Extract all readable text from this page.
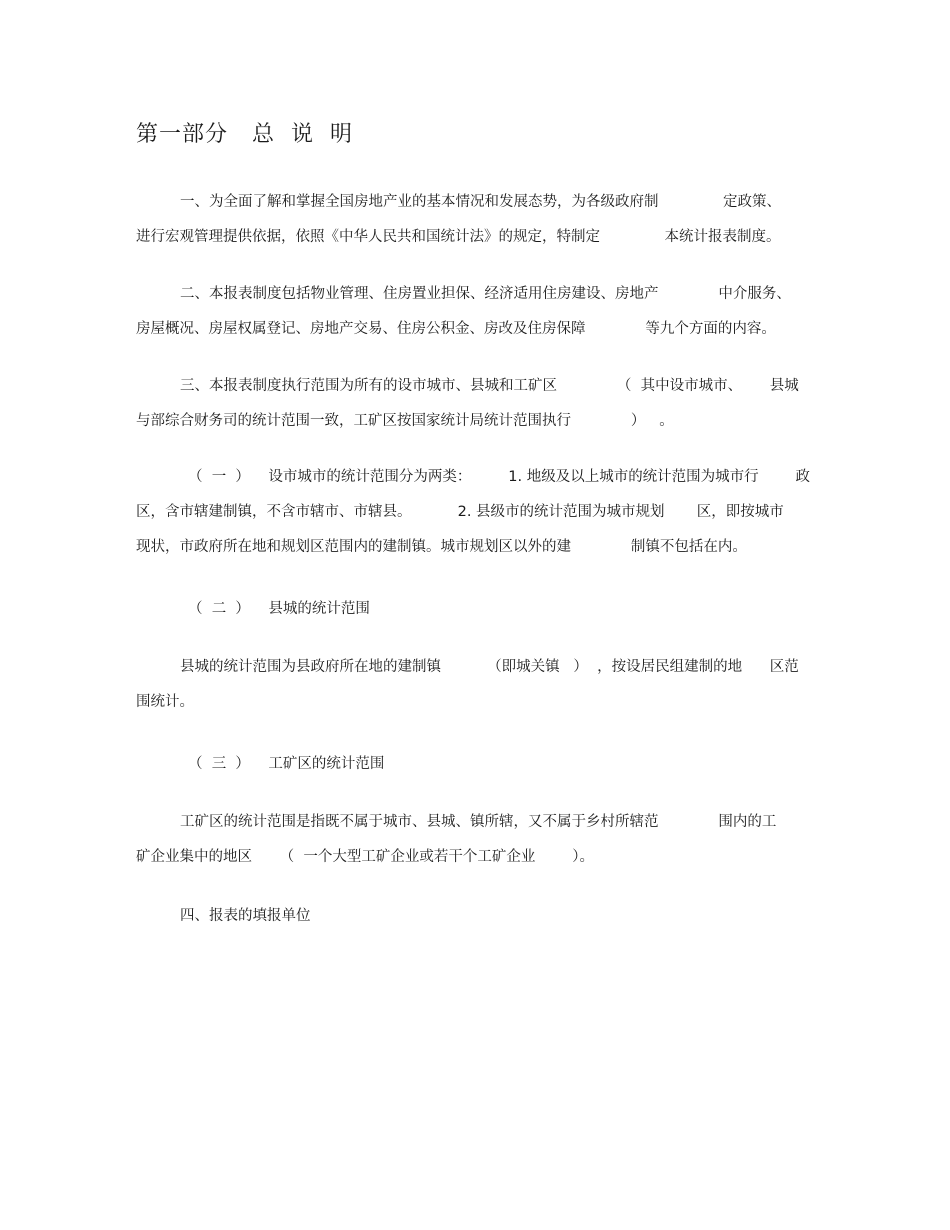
第一部分   总  说  明
一、为全面了解和掌握全国房地产业的基本情况和发展态势，为各级政府制              定政策、
进行宏观管理提供依据，依照《中华人民共和国统计法》的规定，特制定              本统计报表制度。
二、本报表制度包括物业管理、住房置业担保、经济适用住房建设、房地产             中介服务、
房屋概况、房屋权属登记、房地产交易、住房公积金、房改及住房保障             等九个方面的内容。
三、本报表制度执行范围为所有的设市城市、县城和工矿区             （  其中设市城市、      县城
与部综合财务司的统计范围一致，工矿区按国家统计局统计范围执行             ）   。
（  一  ）    设市城市的统计范围分为两类：        1. 地级及以上城市的统计范围为城市行        政
区，含市辖建制镇，不含市辖市、市辖县。          2. 县级市的统计范围为城市规划       区，即按城市
现状，市政府所在地和规划区范围内的建制镇。城市规划区以外的建             制镇不包括在内。
（  二  ）    县城的统计范围
县城的统计范围为县政府所在地的建制镇          （即城关镇   ）  ，按设居民组建制的地      区范
围统计。
（  三  ）    工矿区的统计范围
工矿区的统计范围是指既不属于城市、县城、镇所辖，又不属于乡村所辖范             围内的工
矿企业集中的地区      （  一个大型工矿企业或若干个工矿企业        ）。
四、报表的填报单位
